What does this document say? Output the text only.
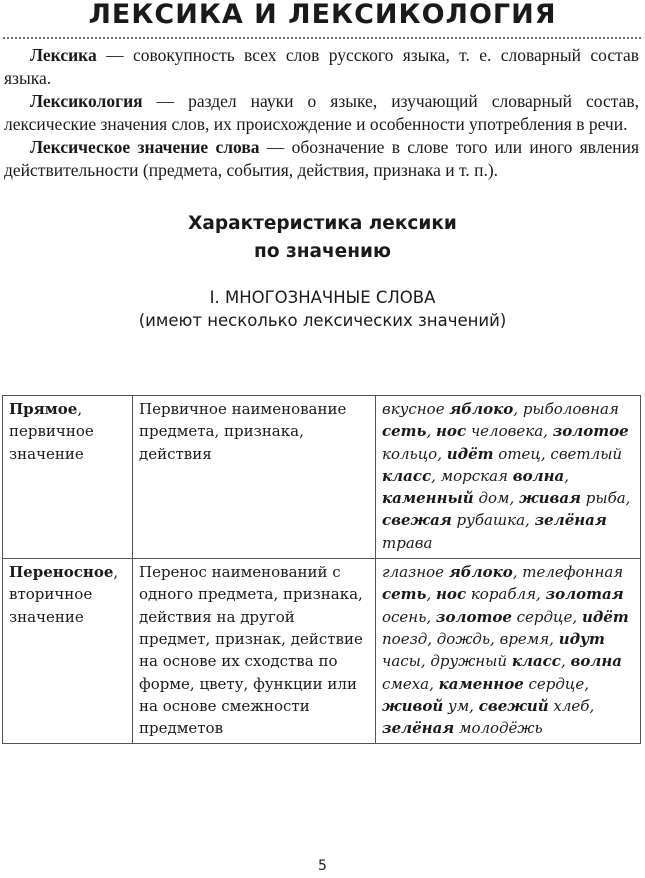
ЛЕКСИКА И ЛЕКСИКОЛОГИЯ

Лексика — совокупность всех слов русского языка, т. е. словарный состав языка.

Лексикология — раздел науки о языке, изучающий словарный состав, лексические значения слов, их происхождение и особенности употребления в речи.

Лексическое значение слова — обозначение в слове того или иного явления действительности (предмета, события, действия, признака и т. п.).

Характеристика лексики
по значению
I. МНОГОЗНАЧНЫЕ СЛОВА
(имеют несколько лексических значений)
Прямое, первичное значение	Первичное наименование предмета, признака, действия	вкусное яблоко, рыболовная сеть, нос человека, золотое кольцо, идёт отец, светлый класс, морская волна, каменный дом, живая рыба, свежая рубашка, зелёная трава
Переносное, вторичное значение	Перенос наименований с одного предмета, признака, действия на другой предмет, признак, действие на основе их сходства по форме, цвету, функции или на основе смежности предметов	глазное яблоко, телефонная сеть, нос корабля, золотая осень, золотое сердце, идёт поезд, дождь, время, идут часы, дружный класс, волна смеха, каменное сердце, живой ум, свежий хлеб, зелёная молодёжь
5
